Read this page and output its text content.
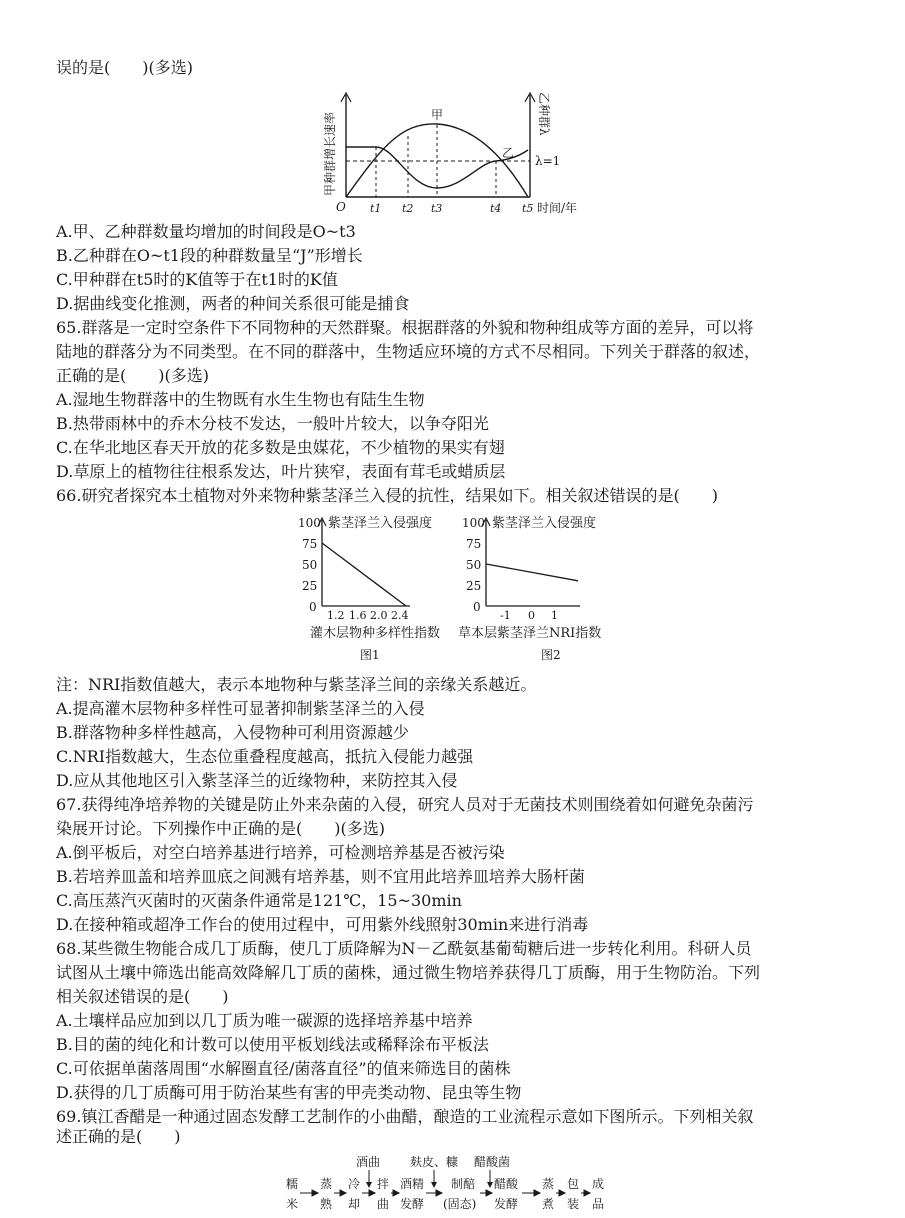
误的是(　　)(多选)
甲种群增长速率	乙种群λ
λ=1
甲
乙
O t1 t2 t3	t4 t5 时间/年
A.甲、乙种群数量均增加的时间段是O~t3
B.乙种群在O~t1段的种群数量呈“J”形增长
C.甲种群在t5时的K值等于在t1时的K值
D.据曲线变化推测，两者的种间关系很可能是捕食
65.群落是一定时空条件下不同物种的天然群聚。根据群落的外貌和物种组成等方面的差异，可以将
陆地的群落分为不同类型。在不同的群落中，生物适应环境的方式不尽相同。下列关于群落的叙述，
正确的是(　　)(多选)
A.湿地生物群落中的生物既有水生生物也有陆生生物
B.热带雨林中的乔木分枝不发达，一般叶片较大，以争夺阳光
C.在华北地区春天开放的花多数是虫媒花，不少植物的果实有翅
D.草原上的植物往往根系发达，叶片狭窄，表面有茸毛或蜡质层
66.研究者探究本土植物对外来物种紫茎泽兰入侵的抗性，结果如下。相关叙述错误的是(　　)
紫茎泽兰入侵强度
100
75
50
25
0
1.2 1.6 2.0 2.4
灌木层物种多样性指数
图1
紫茎泽兰入侵强度
100
75
50
25
0
-1 0 1
草本层紫茎泽兰NRI指数
图2
注：NRI指数值越大，表示本地物种与紫茎泽兰间的亲缘关系越近。
A.提高灌木层物种多样性可显著抑制紫茎泽兰的入侵
B.群落物种多样性越高，入侵物种可利用资源越少
C.NRI指数越大，生态位重叠程度越高，抵抗入侵能力越强
D.应从其他地区引入紫茎泽兰的近缘物种，来防控其入侵
67.获得纯净培养物的关键是防止外来杂菌的入侵，研究人员对于无菌技术则围绕着如何避免杂菌污
染展开讨论。下列操作中正确的是(　　)(多选)
A.倒平板后，对空白培养基进行培养，可检测培养基是否被污染
B.若培养皿盖和培养皿底之间溅有培养基，则不宜用此培养皿培养大肠杆菌
C.高压蒸汽灭菌时的灭菌条件通常是121℃，15~30min
D.在接种箱或超净工作台的使用过程中，可用紫外线照射30min来进行消毒
68.某些微生物能合成几丁质酶，使几丁质降解为N－乙酰氨基葡萄糖后进一步转化利用。科研人员
试图从土壤中筛选出能高效降解几丁质的菌株，通过微生物培养获得几丁质酶，用于生物防治。下列
相关叙述错误的是(　　)
A.土壤样品应加到以几丁质为唯一碳源的选择培养基中培养
B.目的菌的纯化和计数可以使用平板划线法或稀释涂布平板法
C.可依据单菌落周围“水解圈直径/菌落直径”的值来筛选目的菌株
D.获得的几丁质酶可用于防治某些有害的甲壳类动物、昆虫等生物
69.镇江香醋是一种通过固态发酵工艺制作的小曲醋，酿造的工业流程示意如下图所示。下列相关叙
述正确的是(　　)
酒曲 麸皮、糠 醋酸菌
糯
米
蒸
熟
冷
却
拌
曲
酒精
发酵
制醅
(固态)
醋酸
发酵
蒸
煮
包
装
成
品
